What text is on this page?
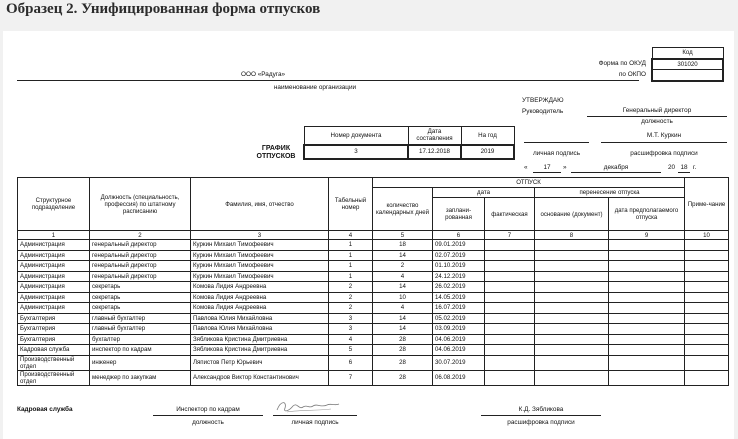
Образец 2. Унифицированная форма отпусков
Код
301020

Форма по ОКУД
по ОКПО
ООО «Радуга»
наименование организации
УТВЕРЖДАЮ
Руководитель	Генеральный директор
должность
М.Т. Куркин
личная подпись	расшифровка подписи
«	17	»	декабря	20 18 г.
ГРАФИК
ОТПУСКОВ
Номер документа	Дата составления	На год
3	17.12.2018	2019
Структурное подразделение	Должность (специальность, профессия) по штатному расписанию	Фамилия, имя, отчество	Табельный номер	ОТПУСК					Приме-чание
				количество календарных дней	дата		перенесение отпуска		
					заплани-рованная	фактическая	основание (документ)	дата предполагаемого отпуска	
1	2	3	4	5	6	7	8	9	10
Администрация	генеральный директор	Куркин Михаил Тимофеевич	1	18	09.01.2019				
Администрация	генеральный директор	Куркин Михаил Тимофеевич	1	14	02.07.2019				
Администрация	генеральный директор	Куркин Михаил Тимофеевич	1	2	01.10.2019				
Администрация	генеральный директор	Куркин Михаил Тимофеевич	1	4	24.12.2019				
Администрация	секретарь	Комова Лидия Андреевна	2	14	26.02.2019				
Администрация	секретарь	Комова Лидия Андреевна	2	10	14.05.2019				
Администрация	секретарь	Комова Лидия Андреевна	2	4	16.07.2019				
Бухгалтерия	главный бухгалтер	Павлова Юлия Михайловна	3	14	05.02.2019				
Бухгалтерия	главный бухгалтер	Павлова Юлия Михайловна	3	14	03.09.2019				
Бухгалтерия	бухгалтер	Зябликова Кристина Дмитриевна	4	28	04.06.2019				
Кадровая служба	инспектор по кадрам	Зябликова Кристина Дмитриевна	5	28	04.06.2019				
Производственный отдел	инженер	Ляпистов Петр Юрьевич	6	28	30.07.2019				
Производственный отдел	менеджер по закупкам	Александров Виктор Константинович	7	28	06.08.2019				
Кадровая служба	Инспектор по кадрам
должность	личная подпись
К.Д. Зябликова
расшифровка подписи
